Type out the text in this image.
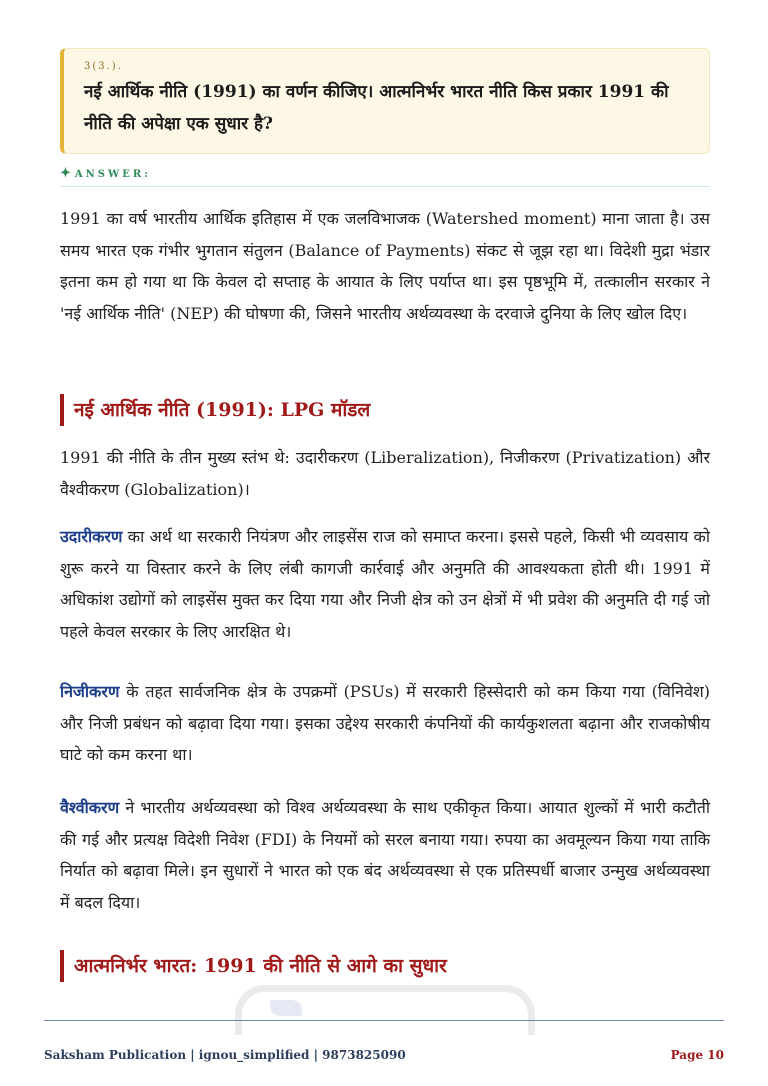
3(3.).
नई आर्थिक नीति (1991) का वर्णन कीजिए। आत्मनिर्भर भारत नीति किस प्रकार 1991 की नीति की अपेक्षा एक सुधार है?
✦ ANSWER:

1991 का वर्ष भारतीय आर्थिक इतिहास में एक जलविभाजक (Watershed moment) माना जाता है। उस समय भारत एक गंभीर भुगतान संतुलन (Balance of Payments) संकट से जूझ रहा था। विदेशी मुद्रा भंडार इतना कम हो गया था कि केवल दो सप्ताह के आयात के लिए पर्याप्त था। इस पृष्ठभूमि में, तत्कालीन सरकार ने 'नई आर्थिक नीति' (NEP) की घोषणा की, जिसने भारतीय अर्थव्यवस्था के दरवाजे दुनिया के लिए खोल दिए।

नई आर्थिक नीति (1991): LPG मॉडल

1991 की नीति के तीन मुख्य स्तंभ थे: उदारीकरण (Liberalization), निजीकरण (Privatization) और वैश्वीकरण (Globalization)।

उदारीकरण का अर्थ था सरकारी नियंत्रण और लाइसेंस राज को समाप्त करना। इससे पहले, किसी भी व्यवसाय को शुरू करने या विस्तार करने के लिए लंबी कागजी कार्रवाई और अनुमति की आवश्यकता होती थी। 1991 में अधिकांश उद्योगों को लाइसेंस मुक्त कर दिया गया और निजी क्षेत्र को उन क्षेत्रों में भी प्रवेश की अनुमति दी गई जो पहले केवल सरकार के लिए आरक्षित थे।

निजीकरण के तहत सार्वजनिक क्षेत्र के उपक्रमों (PSUs) में सरकारी हिस्सेदारी को कम किया गया (विनिवेश) और निजी प्रबंधन को बढ़ावा दिया गया। इसका उद्देश्य सरकारी कंपनियों की कार्यकुशलता बढ़ाना और राजकोषीय घाटे को कम करना था।

वैश्वीकरण ने भारतीय अर्थव्यवस्था को विश्व अर्थव्यवस्था के साथ एकीकृत किया। आयात शुल्कों में भारी कटौती की गई और प्रत्यक्ष विदेशी निवेश (FDI) के नियमों को सरल बनाया गया। रुपया का अवमूल्यन किया गया ताकि निर्यात को बढ़ावा मिले। इन सुधारों ने भारत को एक बंद अर्थव्यवस्था से एक प्रतिस्पर्धी बाजार उन्मुख अर्थव्यवस्था में बदल दिया।

आत्मनिर्भर भारत: 1991 की नीति से आगे का सुधार
Saksham Publication | ignou_simplified | 9873825090	Page 10
